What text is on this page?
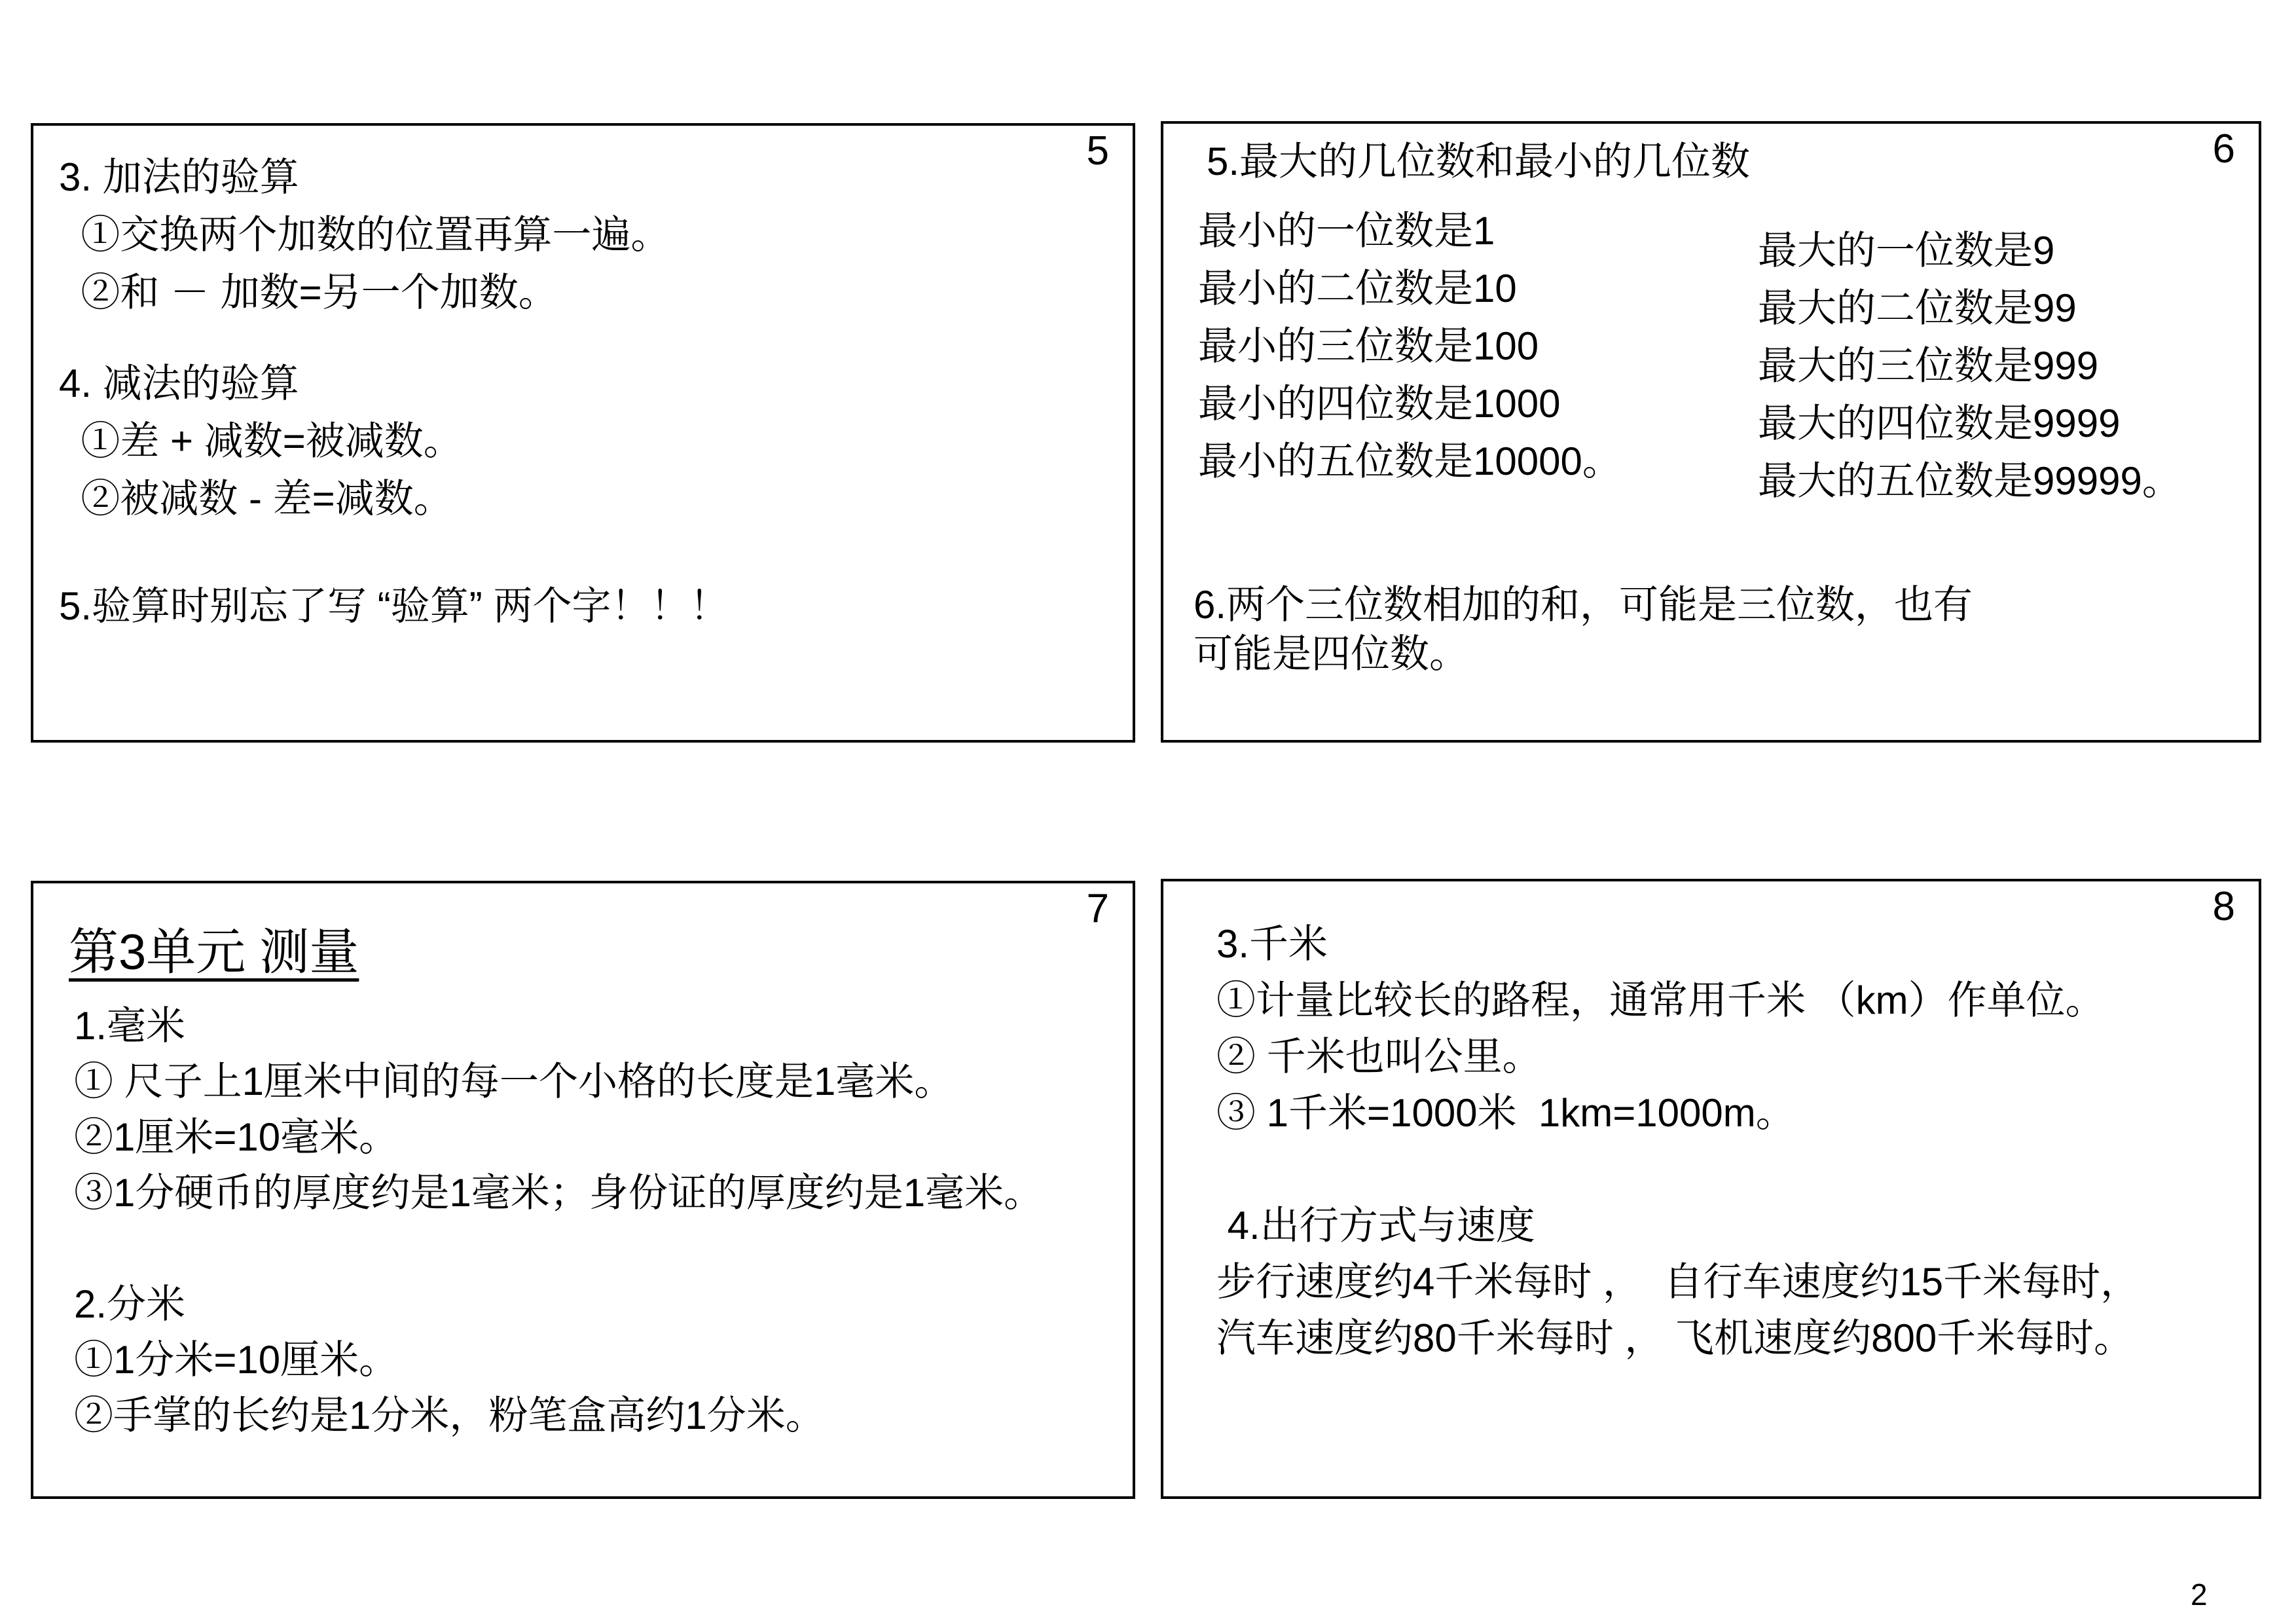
5
3. 加法的验算
①交换两个加数的位置再算一遍。
②和 － 加数=另一个加数。
4. 减法的验算
①差 + 减数=被减数。
②被减数 - 差=减数。
5.验算时别忘了写 “验算” 两个字！！！
6
5.最大的几位数和最小的几位数
最小的一位数是1
最小的二位数是10
最小的三位数是100
最小的四位数是1000
最小的五位数是10000。
最大的一位数是9
最大的二位数是99
最大的三位数是999
最大的四位数是9999
最大的五位数是99999。
6.两个三位数相加的和，可能是三位数，也有
可能是四位数。
7
第3单元 测量
1.毫米
① 尺子上1厘米中间的每一个小格的长度是1毫米。
②1厘米=10毫米。
③1分硬币的厚度约是1毫米；身份证的厚度约是1毫米。
2.分米
①1分米=10厘米。
②手掌的长约是1分米，粉笔盒高约1分米。
8
3.千米
①计量比较长的路程，通常用千米 （km）作单位。
② 千米也叫公里。
③ 1千米=1000米  1km=1000m。
4.出行方式与速度
步行速度约4千米每时 ，  自行车速度约15千米每时，
汽车速度约80千米每时 ， 飞机速度约800千米每时。
2
